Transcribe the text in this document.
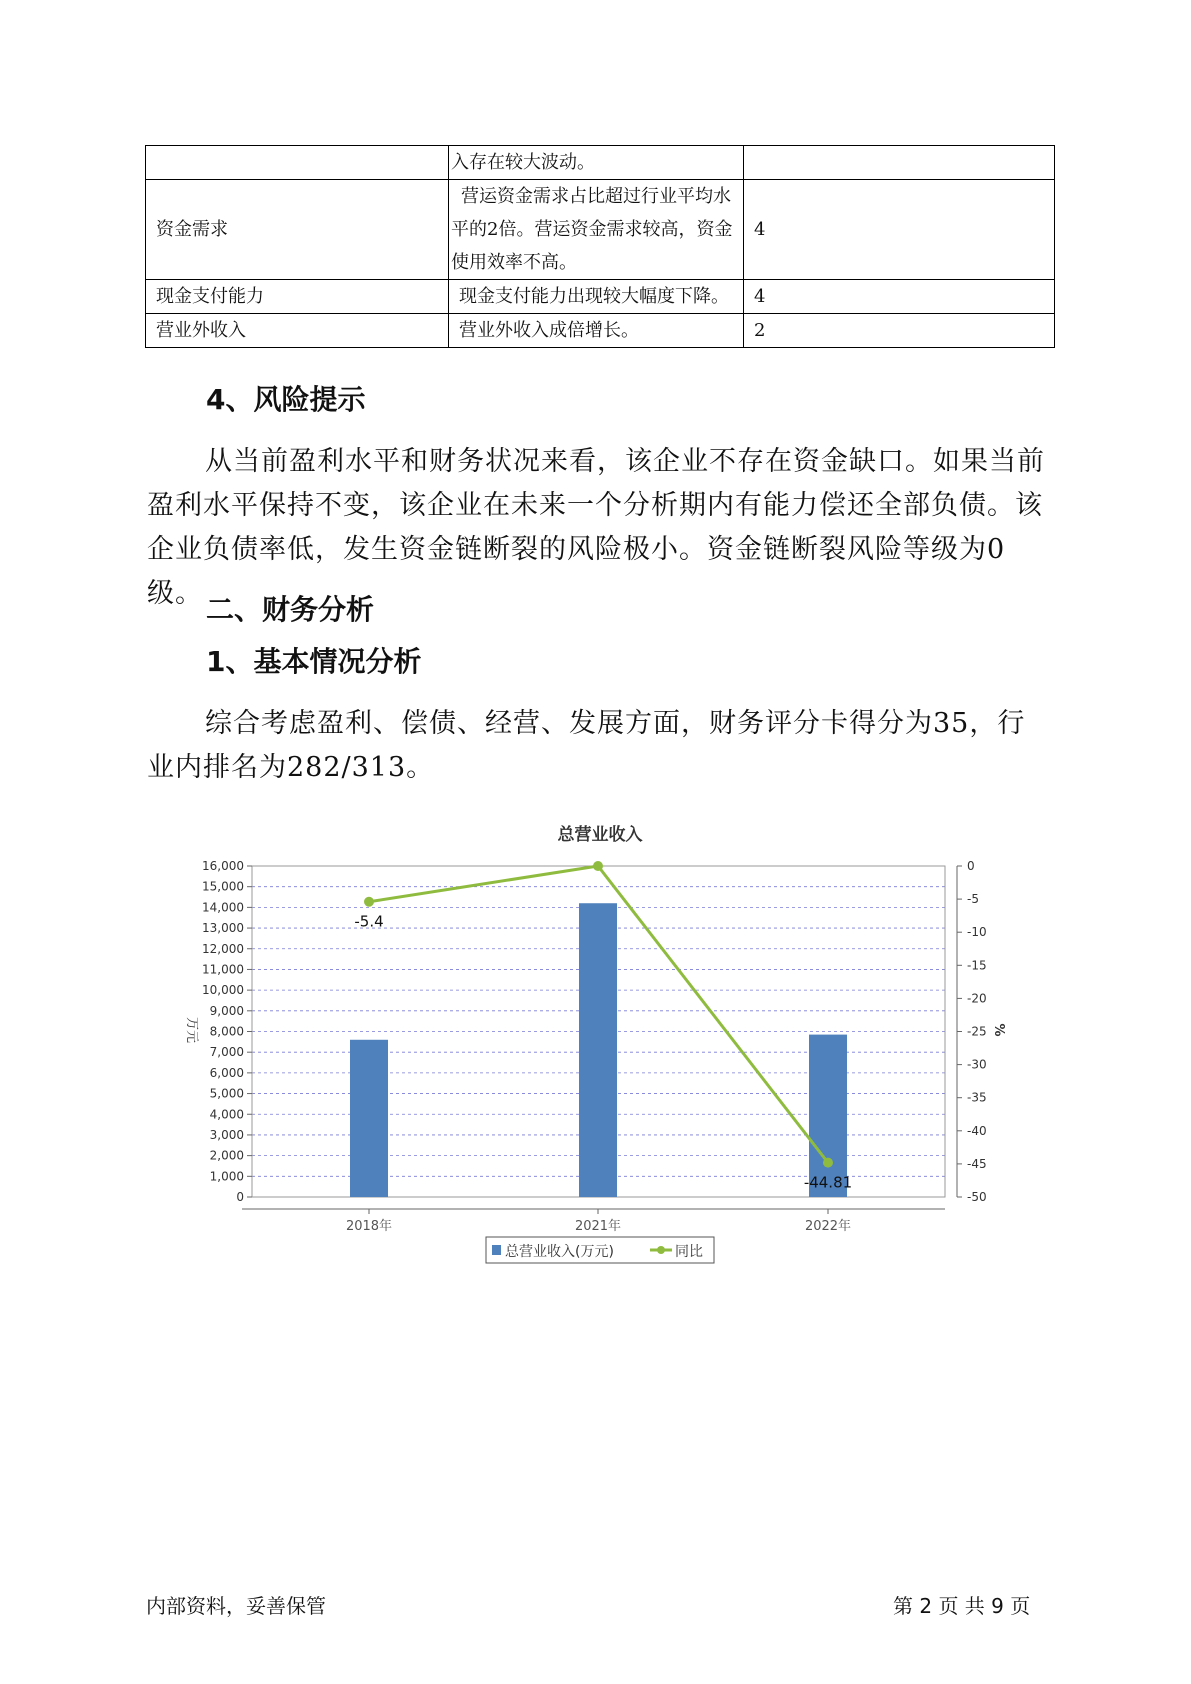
	入存在较大波动。	
资金需求	营运资金需求占比超过行业平均水平的2倍。营运资金需求较高，资金使用效率不高。	4
现金支付能力	现金支付能力出现较大幅度下降。	4
营业外收入	营业外收入成倍增长。	2
4、风险提示
从当前盈利水平和财务状况来看，该企业不存在资金缺口。如果当前盈利水平保持不变，该企业在未来一个分析期内有能力偿还全部负债。该企业负债率低，发生资金链断裂的风险极小。资金链断裂风险等级为0级。 二、财务分析
1、基本情况分析
综合考虑盈利、偿债、经营、发展方面，财务评分卡得分为35，行业内排名为282/313。
总营业收入
0
1,000
2,000
3,000
4,000
5,000
6,000
7,000
8,000
9,000
10,000
11,000
12,000
13,000
14,000
15,000
16,000	0
-5
-10
-15
-20
-25
-30
-35
-40
-45
-50
万元	%
2018年	2021年	2022年
-5.4
-44.81
总营业收入(万元)	同比
内部资料，妥善保管	第 2 页 共 9 页
